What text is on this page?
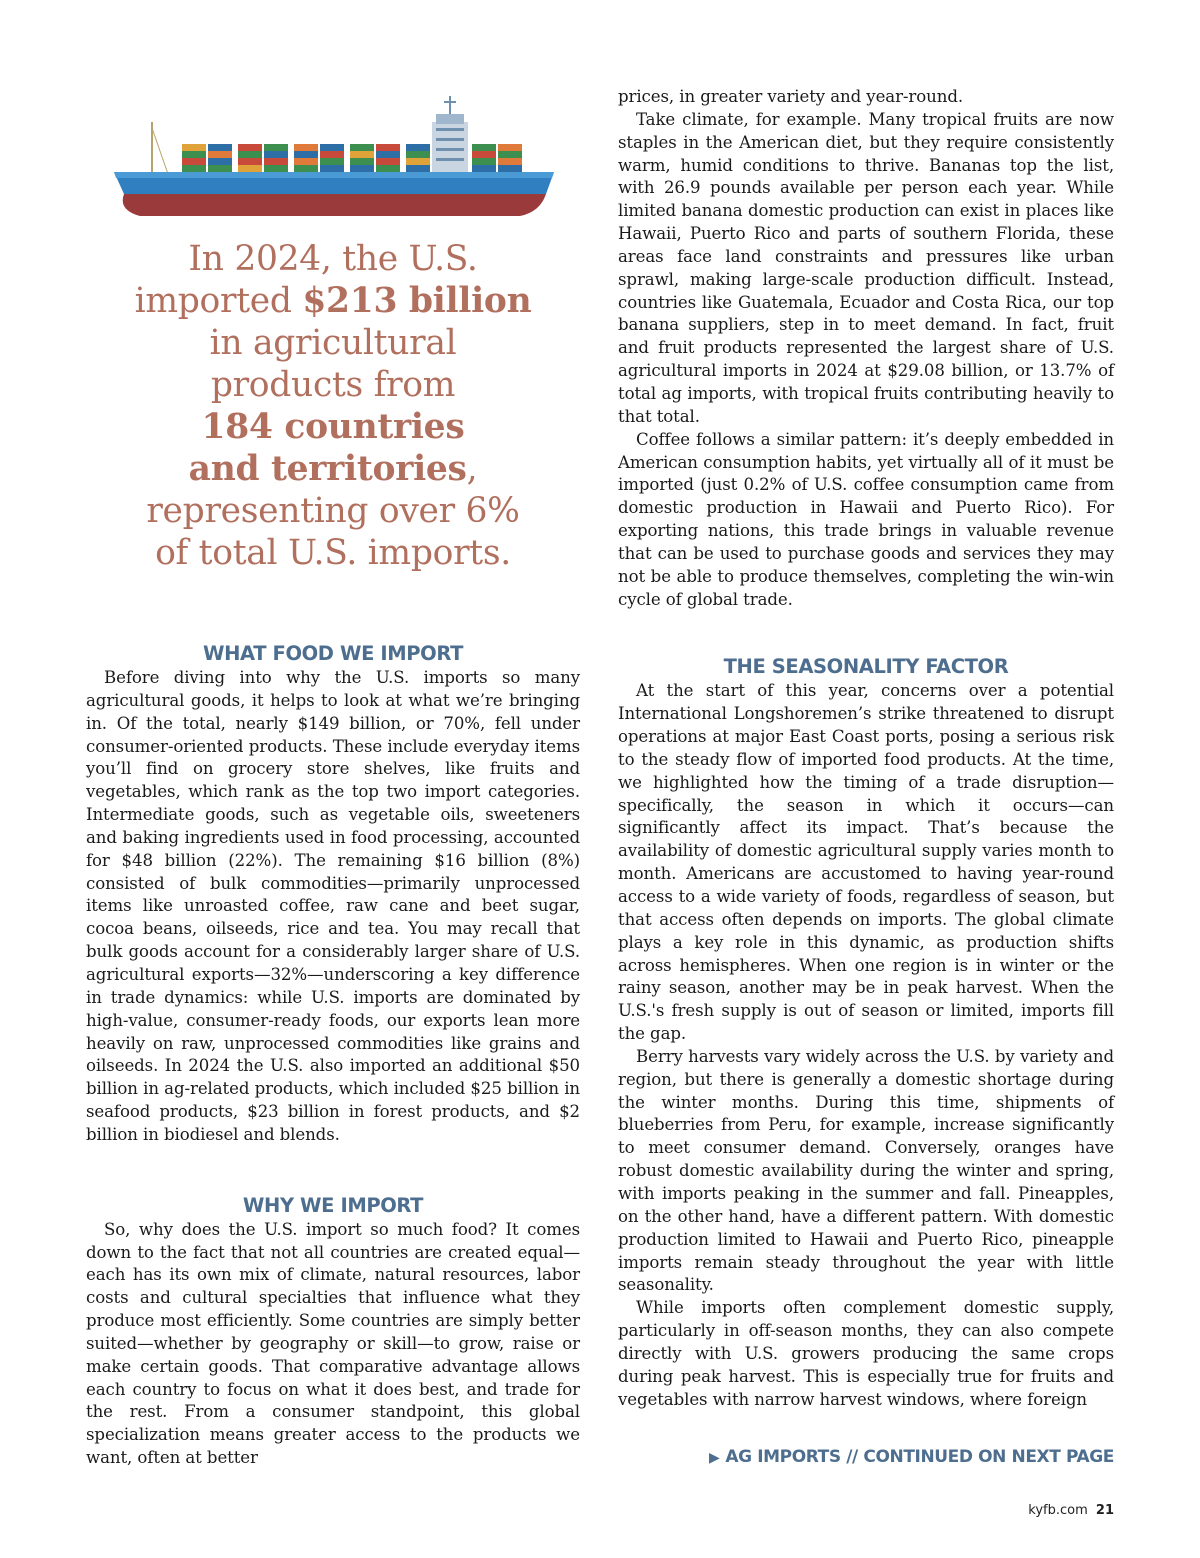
In 2024, the U.S.
imported $213 billion
in agricultural
products from
184 countries
and territories,
representing over 6%
of total U.S. imports.
WHAT FOOD WE IMPORT

Before diving into why the U.S. imports so many agricultural goods, it helps to look at what we’re bringing in. Of the total, nearly $149 billion, or 70%, fell under consumer-oriented products. These include everyday items you’ll find on grocery store shelves, like fruits and vegetables, which rank as the top two import categories. Intermediate goods, such as vegetable oils, sweeteners and baking ingredients used in food processing, accounted for $48 billion (22%). The remaining $16 billion (8%) consisted of bulk commodities—primarily unprocessed items like unroasted coffee, raw cane and beet sugar, cocoa beans, oilseeds, rice and tea. You may recall that bulk goods account for a considerably larger share of U.S. agricultural exports—32%—underscoring a key difference in trade dynamics: while U.S. imports are dominated by high-value, consumer-ready foods, our exports lean more heavily on raw, unprocessed commodities like grains and oilseeds. In 2024 the U.S. also imported an additional $50 billion in ag-related products, which included $25 billion in seafood products, $23 billion in forest products, and $2 billion in biodiesel and blends.

WHY WE IMPORT

So, why does the U.S. import so much food? It comes down to the fact that not all countries are created equal—each has its own mix of climate, natural resources, labor costs and cultural specialties that influence what they produce most efficiently. Some countries are simply better suited—whether by geography or skill—to grow, raise or make certain goods. That comparative advantage allows each country to focus on what it does best, and trade for the rest. From a consumer standpoint, this global specialization means greater access to the products we want, often at better

prices, in greater variety and year-round.

Take climate, for example. Many tropical fruits are now staples in the American diet, but they require consistently warm, humid conditions to thrive. Bananas top the list, with 26.9 pounds available per person each year. While limited banana domestic production can exist in places like Hawaii, Puerto Rico and parts of southern Florida, these areas face land constraints and pressures like urban sprawl, making large-scale production difficult. Instead, countries like Guatemala, Ecuador and Costa Rica, our top banana suppliers, step in to meet demand. In fact, fruit and fruit products represented the largest share of U.S. agricultural imports in 2024 at $29.08 billion, or 13.7% of total ag imports, with tropical fruits contributing heavily to that total.

Coffee follows a similar pattern: it’s deeply embedded in American consumption habits, yet virtually all of it must be imported (just 0.2% of U.S. coffee consumption came from domestic production in Hawaii and Puerto Rico). For exporting nations, this trade brings in valuable revenue that can be used to purchase goods and services they may not be able to produce themselves, completing the win-win cycle of global trade.

THE SEASONALITY FACTOR

At the start of this year, concerns over a potential International Longshoremen’s strike threatened to disrupt operations at major East Coast ports, posing a serious risk to the steady flow of imported food products. At the time, we highlighted how the timing of a trade disruption—specifically, the season in which it occurs—can significantly affect its impact. That’s because the availability of domestic agricultural supply varies month to month. Americans are accustomed to having year-round access to a wide variety of foods, regardless of season, but that access often depends on imports. The global climate plays a key role in this dynamic, as production shifts across hemispheres. When one region is in winter or the rainy season, another may be in peak harvest. When the U.S.'s fresh supply is out of season or limited, imports fill the gap.

Berry harvests vary widely across the U.S. by variety and region, but there is generally a domestic shortage during the winter months. During this time, shipments of blueberries from Peru, for example, increase significantly to meet consumer demand. Conversely, oranges have robust domestic availability during the winter and spring, with imports peaking in the summer and fall. Pineapples, on the other hand, have a different pattern. With domestic production limited to Hawaii and Puerto Rico, pineapple imports remain steady throughout the year with little seasonality.

While imports often complement domestic supply, particularly in off-season months, they can also compete directly with U.S. growers producing the same crops during peak harvest. This is especially true for fruits and vegetables with narrow harvest windows, where foreign

▶ AG IMPORTS // CONTINUED ON NEXT PAGE
kyfb.com 21
